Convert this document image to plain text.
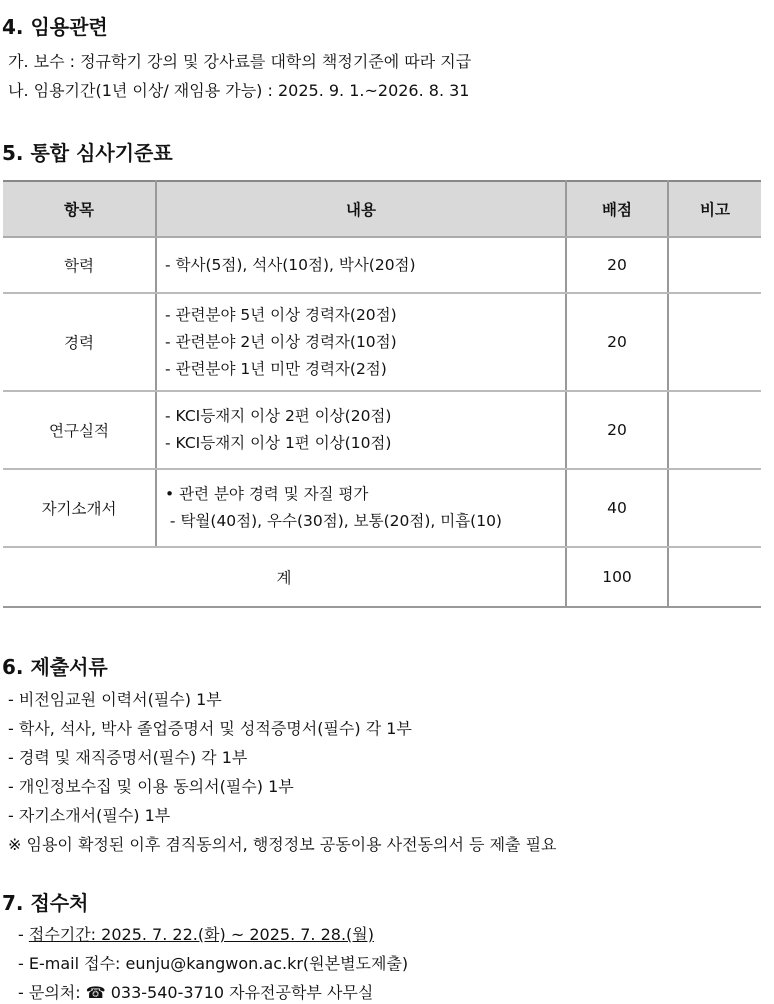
4. 임용관련

가. 보수 : 정규학기 강의 및 강사료를 대학의 책정기준에 따라 지급

나. 임용기간(1년 이상/ 재임용 가능) : 2025. 9. 1.~2026. 8. 31

5. 통합 심사기준표
항목	내용	배점	비고
학력	- 학사(5점), 석사(10점), 박사(20점)	20	
경력	- 관련분야 5년 이상 경력자(20점)
- 관련분야 2년 이상 경력자(10점)
- 관련분야 1년 미만 경력자(2점)	20	
연구실적	- KCI등재지 이상 2편 이상(20점)
- KCI등재지 이상 1편 이상(10점)	20	
자기소개서	• 관련 분야 경력 및 자질 평가
- 탁월(40점), 우수(30점), 보통(20점), 미흡(10)	40	
계		100	
6. 제출서류

- 비전임교원 이력서(필수) 1부

- 학사, 석사, 박사 졸업증명서 및 성적증명서(필수) 각 1부

- 경력 및 재직증명서(필수) 각 1부

- 개인정보수집 및 이용 동의서(필수) 1부

- 자기소개서(필수) 1부

※ 임용이 확정된 이후 겸직동의서, 행정정보 공동이용 사전동의서 등 제출 필요

7. 접수처

- 접수기간: 2025. 7. 22.(화) ~ 2025. 7. 28.(월)

- E-mail 접수: eunju@kangwon.ac.kr(원본별도제출)

- 문의처: ☎ 033-540-3710 자유전공학부 사무실
